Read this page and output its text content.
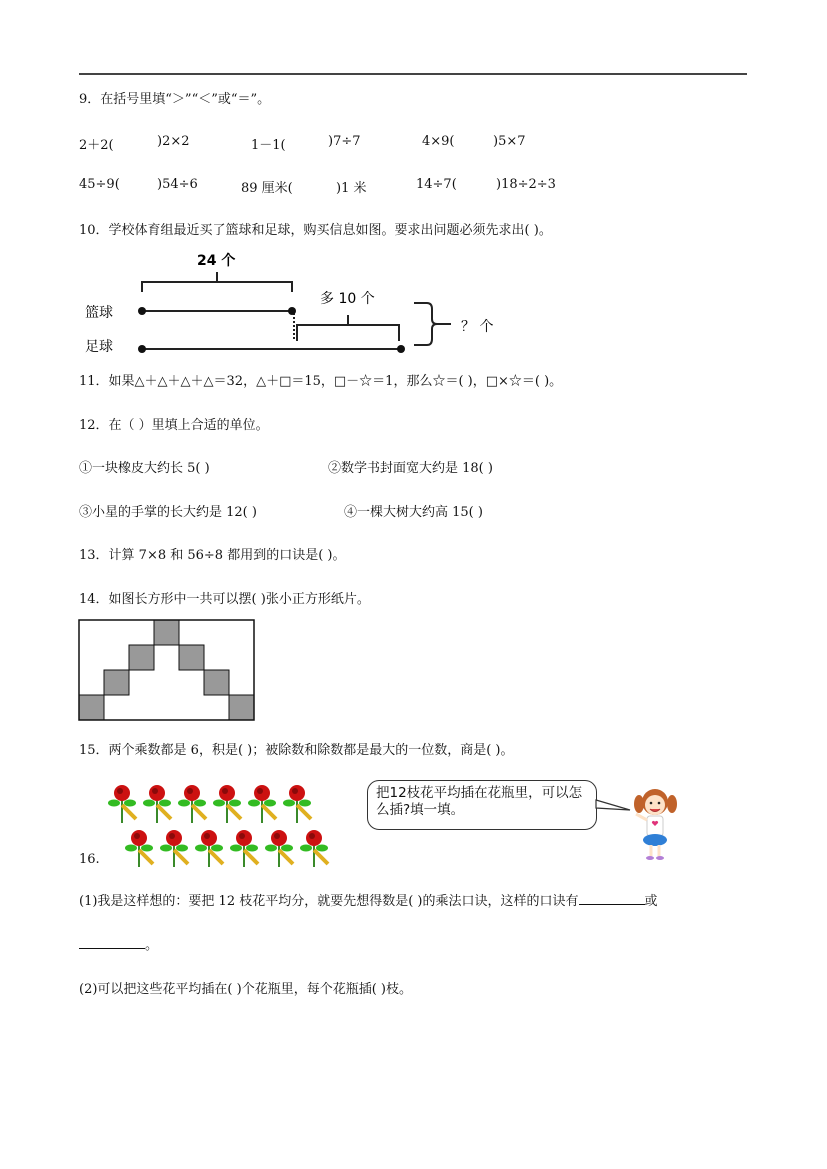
9．在括号里填“＞”“＜”或“＝”。
2＋2(	)2×2	1－1(	)7÷7	4×9(	)5×7
45÷9(	)54÷6	89 厘米(	)1 米	14÷7(	)18÷2÷3
10．学校体育组最近买了篮球和足球，购买信息如图。要求出问题必须先求出( )。
24 个
多 10 个
？ 个
篮球
足球
11．如果△＋△＋△＋△＝32，△＋□＝15，□－☆＝1，那么☆＝( )，□×☆＝( )。
12．在（ ）里填上合适的单位。
①一块橡皮大约长 5( )	②数学书封面宽大约是 18( )
③小星的手掌的长大约是 12( )	④一棵大树大约高 15( )
13．计算 7×8 和 56÷8 都用到的口诀是( )。
14．如图长方形中一共可以摆( )张小正方形纸片。
15．两个乘数都是 6，积是( )；被除数和除数都是最大的一位数，商是( )。
把12枝花平均插在花瓶里，可以怎么插?填一填。
16.
(1)我是这样想的：要把 12 枝花平均分，就要先想得数是( )的乘法口诀，这样的口诀有	或
。
(2)可以把这些花平均插在( )个花瓶里，每个花瓶插( )枝。
